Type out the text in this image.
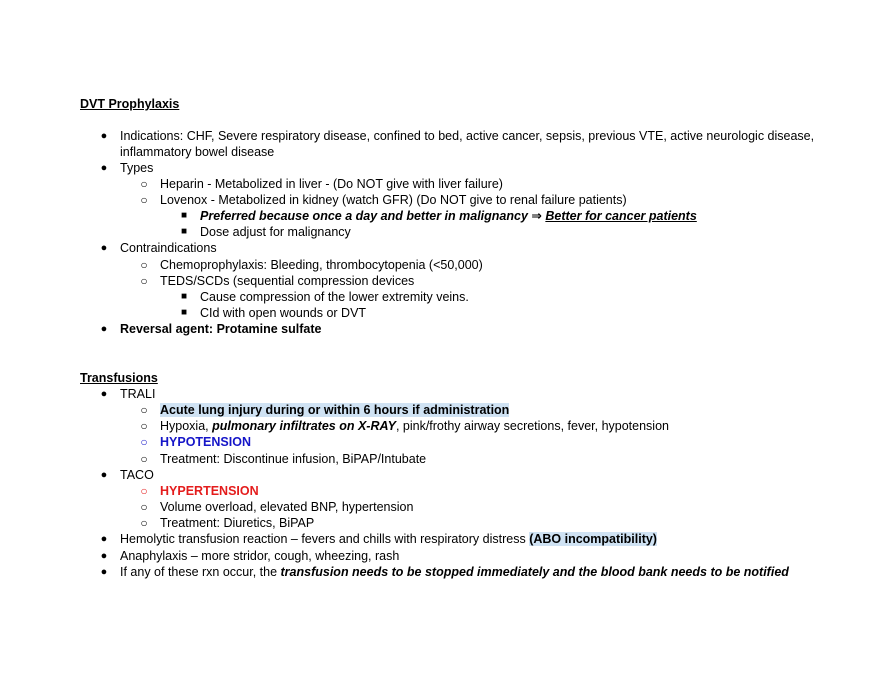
DVT Prophylaxis
● Indications: CHF, Severe respiratory disease, confined to bed, active cancer, sepsis, previous VTE, active neurologic disease,
inflammatory bowel disease
● Types
○ Heparin - Metabolized in liver - (Do NOT give with liver failure)
○ Lovenox - Metabolized in kidney (watch GFR) (Do NOT give to renal failure patients)
■	Preferred because once a day and better in malignancy ⇒ Better for cancer patients
■	Dose adjust for malignancy
● Contraindications
○ Chemoprophylaxis: Bleeding, thrombocytopenia (<50,000)
○ TEDS/SCDs (sequential compression devices
■	Cause compression of the lower extremity veins.
■	CId with open wounds or DVT
● Reversal agent: Protamine sulfate
Transfusions
● TRALI
○ Acute lung injury during or within 6 hours if administration
○ Hypoxia, pulmonary infiltrates on X-RAY, pink/frothy airway secretions, fever, hypotension
○ HYPOTENSION
○ Treatment: Discontinue infusion, BiPAP/Intubate
● TACO
○ HYPERTENSION
○ Volume overload, elevated BNP, hypertension
○ Treatment: Diuretics, BiPAP
● Hemolytic transfusion reaction – fevers and chills with respiratory distress (ABO incompatibility)
● Anaphylaxis – more stridor, cough, wheezing, rash
● If any of these rxn occur, the transfusion needs to be stopped immediately and the blood bank needs to be notified
